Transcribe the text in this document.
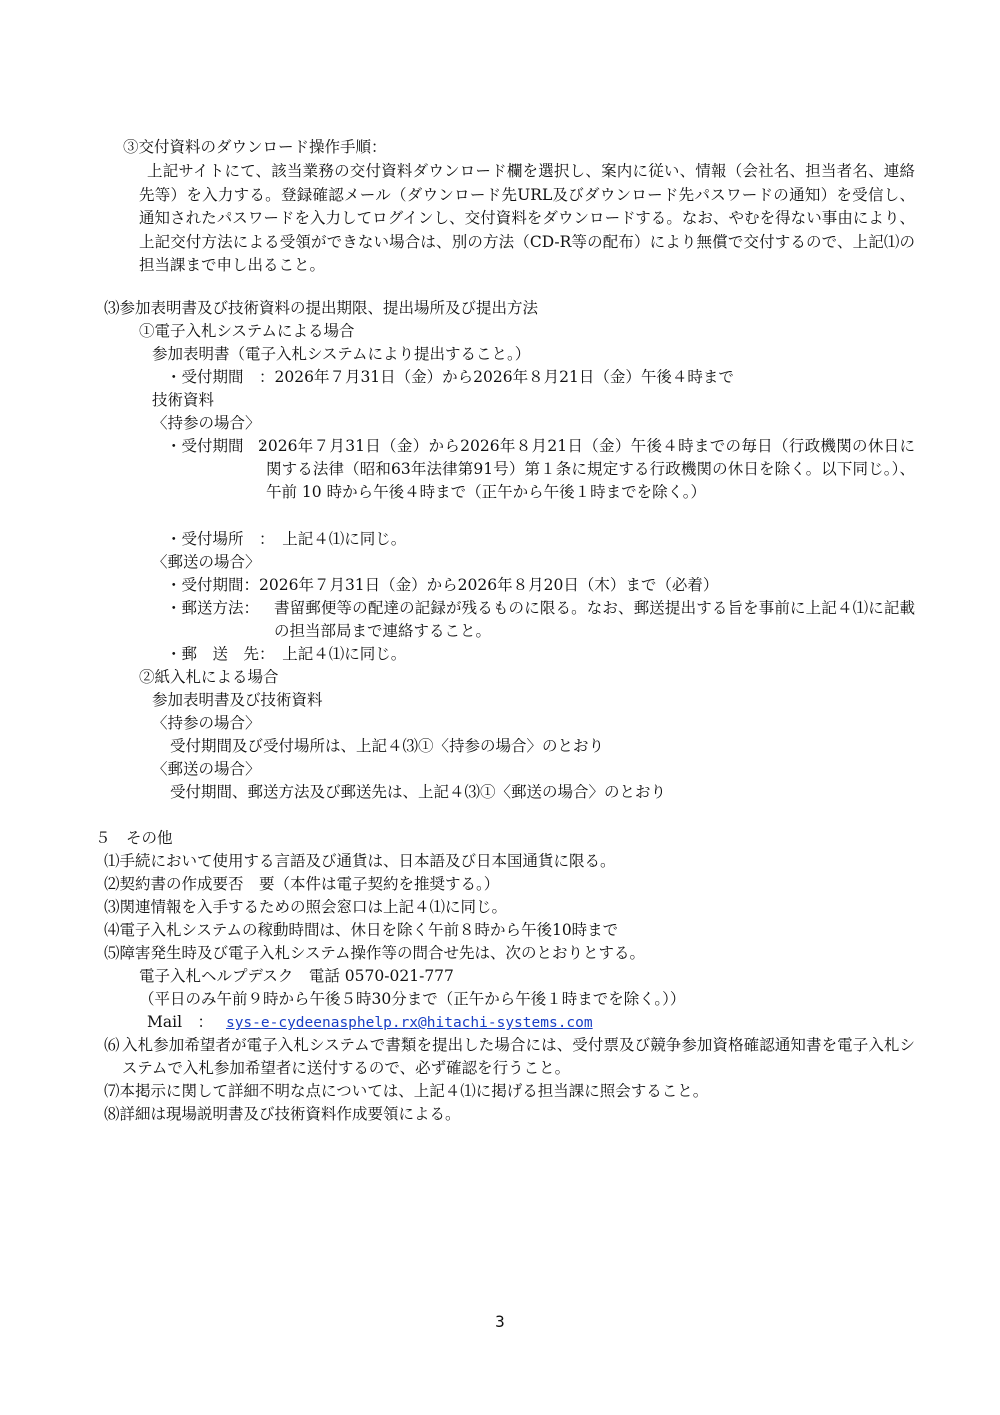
③交付資料のダウンロード操作手順：
上記サイトにて、該当業務の交付資料ダウンロード欄を選択し、案内に従い、情報（会社名、担当者名、連絡先等）を入力する。登録確認メール（ダウンロード先URL及びダウンロード先パスワードの通知）を受信し、通知されたパスワードを入力してログインし、交付資料をダウンロードする。なお、やむを得ない事由により、上記交付方法による受領ができない場合は、別の方法（CD-R等の配布）により無償で交付するので、上記⑴の担当課まで申し出ること。
⑶参加表明書及び技術資料の提出期限、提出場所及び提出方法
①電子入札システムによる場合
参加表明書（電子入札システムにより提出すること。）
・受付期間　：2026年７月31日（金）から2026年８月21日（金）午後４時まで
技術資料
〈持参の場合〉
・受付期間　：
2026年７月31日（金）から2026年８月21日（金）午後４時までの毎日（行政機関の休日に関する法律（昭和63年法律第91号）第１条に規定する行政機関の休日を除く。以下同じ。）、午前 10 時から午後４時まで（正午から午後１時までを除く。）
・受付場所　：　上記４⑴に同じ。
〈郵送の場合〉
・受付期間：2026年７月31日（金）から2026年８月20日（木）まで（必着）
・郵送方法： 書留郵便等の配達の記録が残るものに限る。なお、郵送提出する旨を事前に上記４⑴に記載の担当部局まで連絡すること。
・郵　送　先：　上記４⑴に同じ。
②紙入札による場合
参加表明書及び技術資料
〈持参の場合〉
受付期間及び受付場所は、上記４⑶①〈持参の場合〉のとおり
〈郵送の場合〉
受付期間、郵送方法及び郵送先は、上記４⑶①〈郵送の場合〉のとおり
５　その他
⑴手続において使用する言語及び通貨は、日本語及び日本国通貨に限る。
⑵契約書の作成要否　要（本件は電子契約を推奨する。）
⑶関連情報を入手するための照会窓口は上記４⑴に同じ。
⑷電子入札システムの稼動時間は、休日を除く午前８時から午後10時まで
⑸障害発生時及び電子入札システム操作等の問合せ先は、次のとおりとする。
電子入札ヘルプデスク　電話 0570-021-777
（平日のみ午前９時から午後５時30分まで（正午から午後１時までを除く。））
Mail　： sys-e-cydeenasphelp.rx@hitachi-systems.com
⑹ 入札参加希望者が電子入札システムで書類を提出した場合には、受付票及び競争参加資格確認通知書を電子入札システムで入札参加希望者に送付するので、必ず確認を行うこと。
⑺本掲示に関して詳細不明な点については、上記４⑴に掲げる担当課に照会すること。
⑻詳細は現場説明書及び技術資料作成要領による。
3
